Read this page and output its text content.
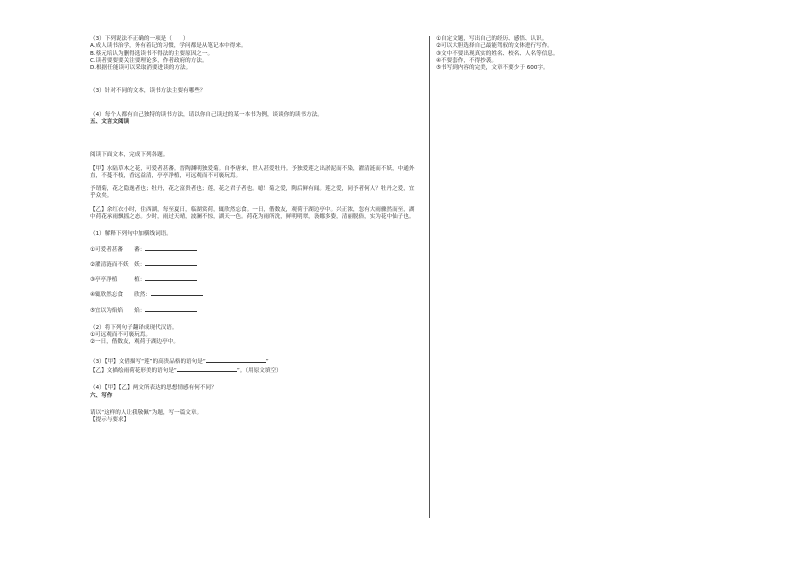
（3）下列说法不正确的一项是（　　）
A.成人读书治学，务有着记的习惯，学问都是从笔记本中得来。
B.蔡元培认为删得选读书不得法的主要原因之一。
C.读者要要要关注要理论多，作者政府的方法。
D.根据任能读可以采取消要进读的方法。
（3）针对不同的文本，读书方法主要有哪些？
（4）每个人都有自己独特的读书方法，请以你自己读过的某一本书为例，谈谈你的读书方法。
五、文言文阅读
阅读下面文本，完成下列各题。
【甲】水陆草木之花，可爱者甚蕃。晋陶渊明独爱菊。自李唐来，世人甚爱牡丹。予独爱莲之出淤泥而不染，濯清涟而不妖，中通外直，不蔓不枝，香远益清，亭亭净植，可远观而不可亵玩焉。
予谓菊，花之隐逸者也；牡丹，花之富贵者也；莲，花之君子者也。噫！菊之爱，陶后鲜有闻。莲之爱，同予者何人？牡丹之爱，宜乎众矣。
【乙】余红衣小时，住西湖，每至夏日，临湖赏荷，辄欣然忘食。一日，偕数友，观荷于湖边亭中。兴正浓，忽有大雨骤然而至，湖中荷花承雨飘摇之态。少时，雨过天晴，波澜不惊，湖天一色。荷花为雨所洗，鲜明明翠，袅娜多姿，清丽脱俗，实为花中仙子也。
（1）解释下列句中加横线词语。
①可爱者甚蕃　　蕃：
②濯清涟而不妖　妖：
③亭亭净植　　　植：
④辄欣然忘食　　欣然：
⑤宜以为焰焰　　焰：
（2）将下列句子翻译成现代汉语。
①可远观而不可亵玩焉。
②一日，偕数友，观荷于湖边亭中。
（3）【甲】文借描写“莲”的高贵品格的语句是“	”
【乙】文描绘雨荷花形美的语句是“	”。（用原文填空）
（4）【甲】【乙】两文所表达的思想情感有何不同？
六、写作
请以“这样的人让我敬佩”为题，写一篇文章。
【提示与要求】
①自定文题，写出自己的经历、感悟、认识。
②可以大胆选择自己最能驾驭的文体进行写作。
③文中不要出现真实的姓名、校名、人名等信息。
④不要套作，不得抄袭。
⑤书写到内容的完美，文章不要少于 600字。
